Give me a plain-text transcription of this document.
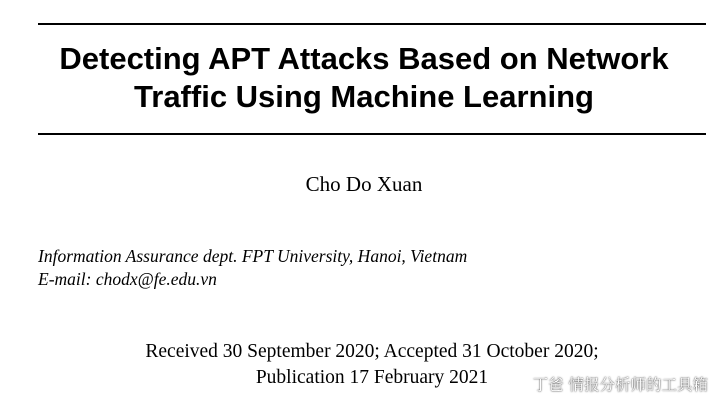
Detecting APT Attacks Based on Network
Traffic Using Machine Learning
Cho Do Xuan
Information Assurance dept. FPT University, Hanoi, Vietnam
E-mail: chodx@fe.edu.vn
Received 30 September 2020; Accepted 31 October 2020;
Publication 17 February 2021	丁爸 情报分析师的工具箱
